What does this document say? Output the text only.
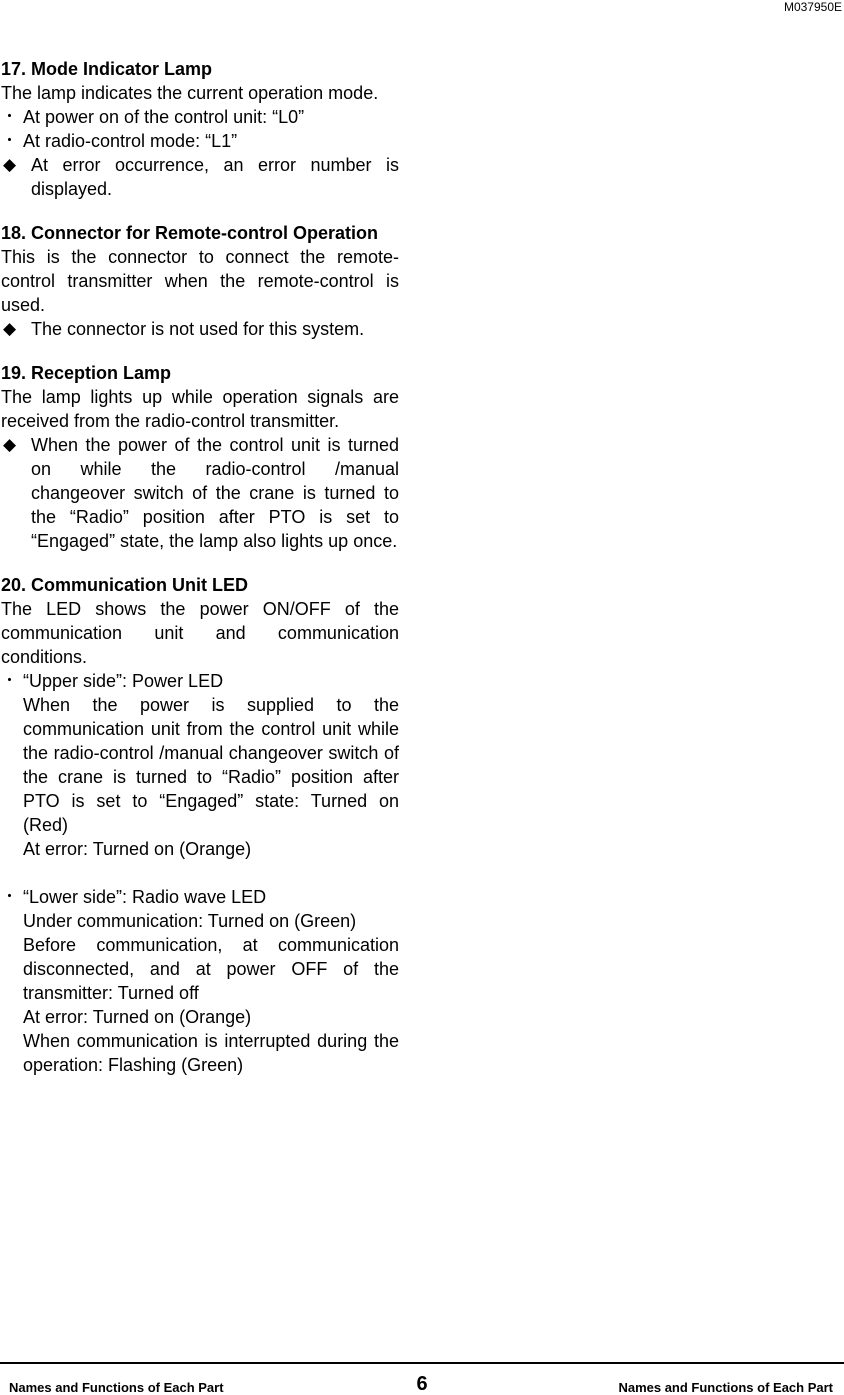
M037950E

17. Mode Indicator Lamp

The lamp indicates the current operation mode.

・ At power on of the control unit: “L0”

・ At radio-control mode: “L1”

◆ At error occurrence, an error number is displayed.

18. Connector for Remote-control Operation

This is the connector to connect the remote-control transmitter when the remote-control is used.

◆ The connector is not used for this system.

19. Reception Lamp

The lamp lights up while operation signals are received from the radio-control transmitter.

◆ When the power of the control unit is turned on while the radio-control /manual changeover switch of the crane is turned to the “Radio” position after PTO is set to “Engaged” state, the lamp also lights up once.

20. Communication Unit LED

The LED shows the power ON/OFF of the communication unit and communication conditions.

・ “Upper side”: Power LED

When the power is supplied to the communication unit from the control unit while the radio-control /manual changeover switch of the crane is turned to “Radio” position after PTO is set to “Engaged” state: Turned on (Red)

At error: Turned on (Orange)

・ “Lower side”: Radio wave LED

Under communication: Turned on (Green)

Before communication, at communication disconnected, and at power OFF of the transmitter: Turned off

At error: Turned on (Orange)

When communication is interrupted during the operation: Flashing (Green)

Names and Functions of Each Part	6	Names and Functions of Each Part
